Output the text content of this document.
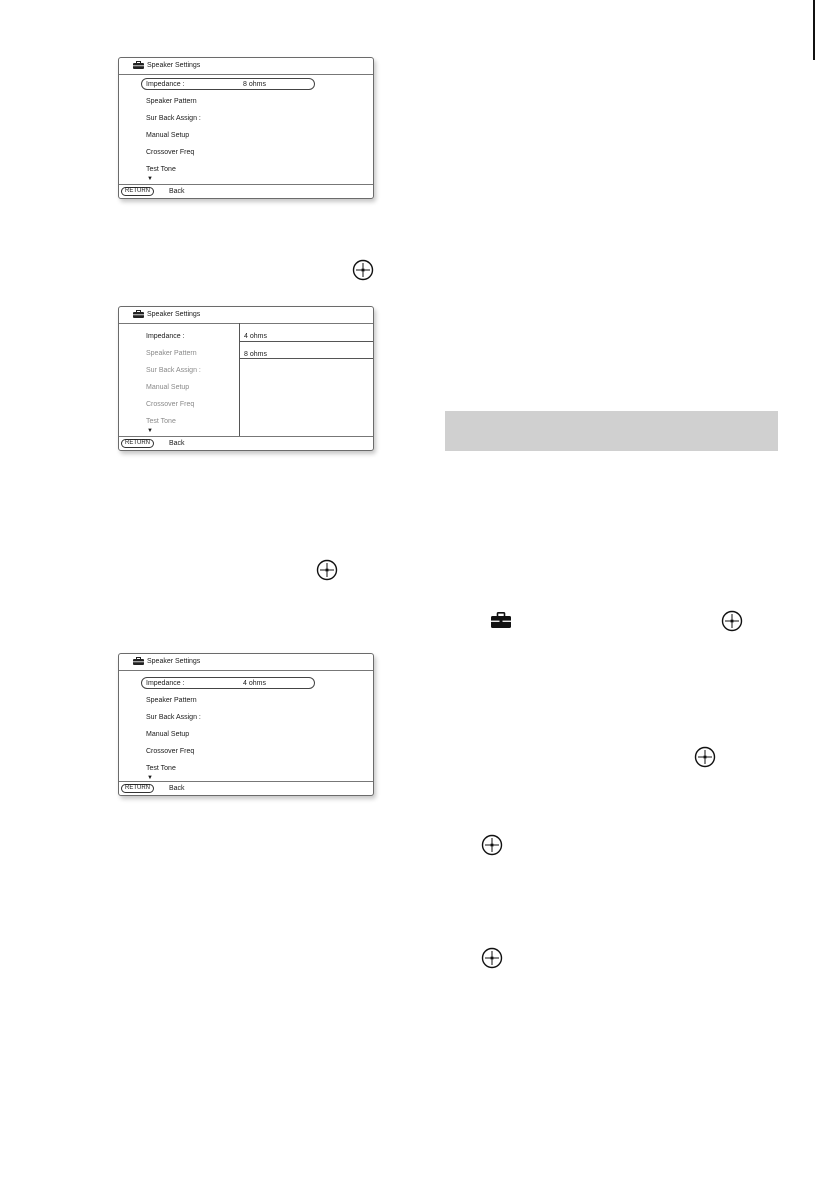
Speaker Settings
Impedance :	8 ohms
Speaker Pattern
Sur Back Assign :
Manual Setup
Crossover Freq
Test Tone
▼
RETURN	Back
Speaker Settings
Impedance :
Speaker Pattern
Sur Back Assign :
Manual Setup
Crossover Freq
Test Tone
▼
4 ohms
8 ohms
RETURN	Back
Speaker Settings
Impedance :	4 ohms
Speaker Pattern
Sur Back Assign :
Manual Setup
Crossover Freq
Test Tone
▼
RETURN	Back
